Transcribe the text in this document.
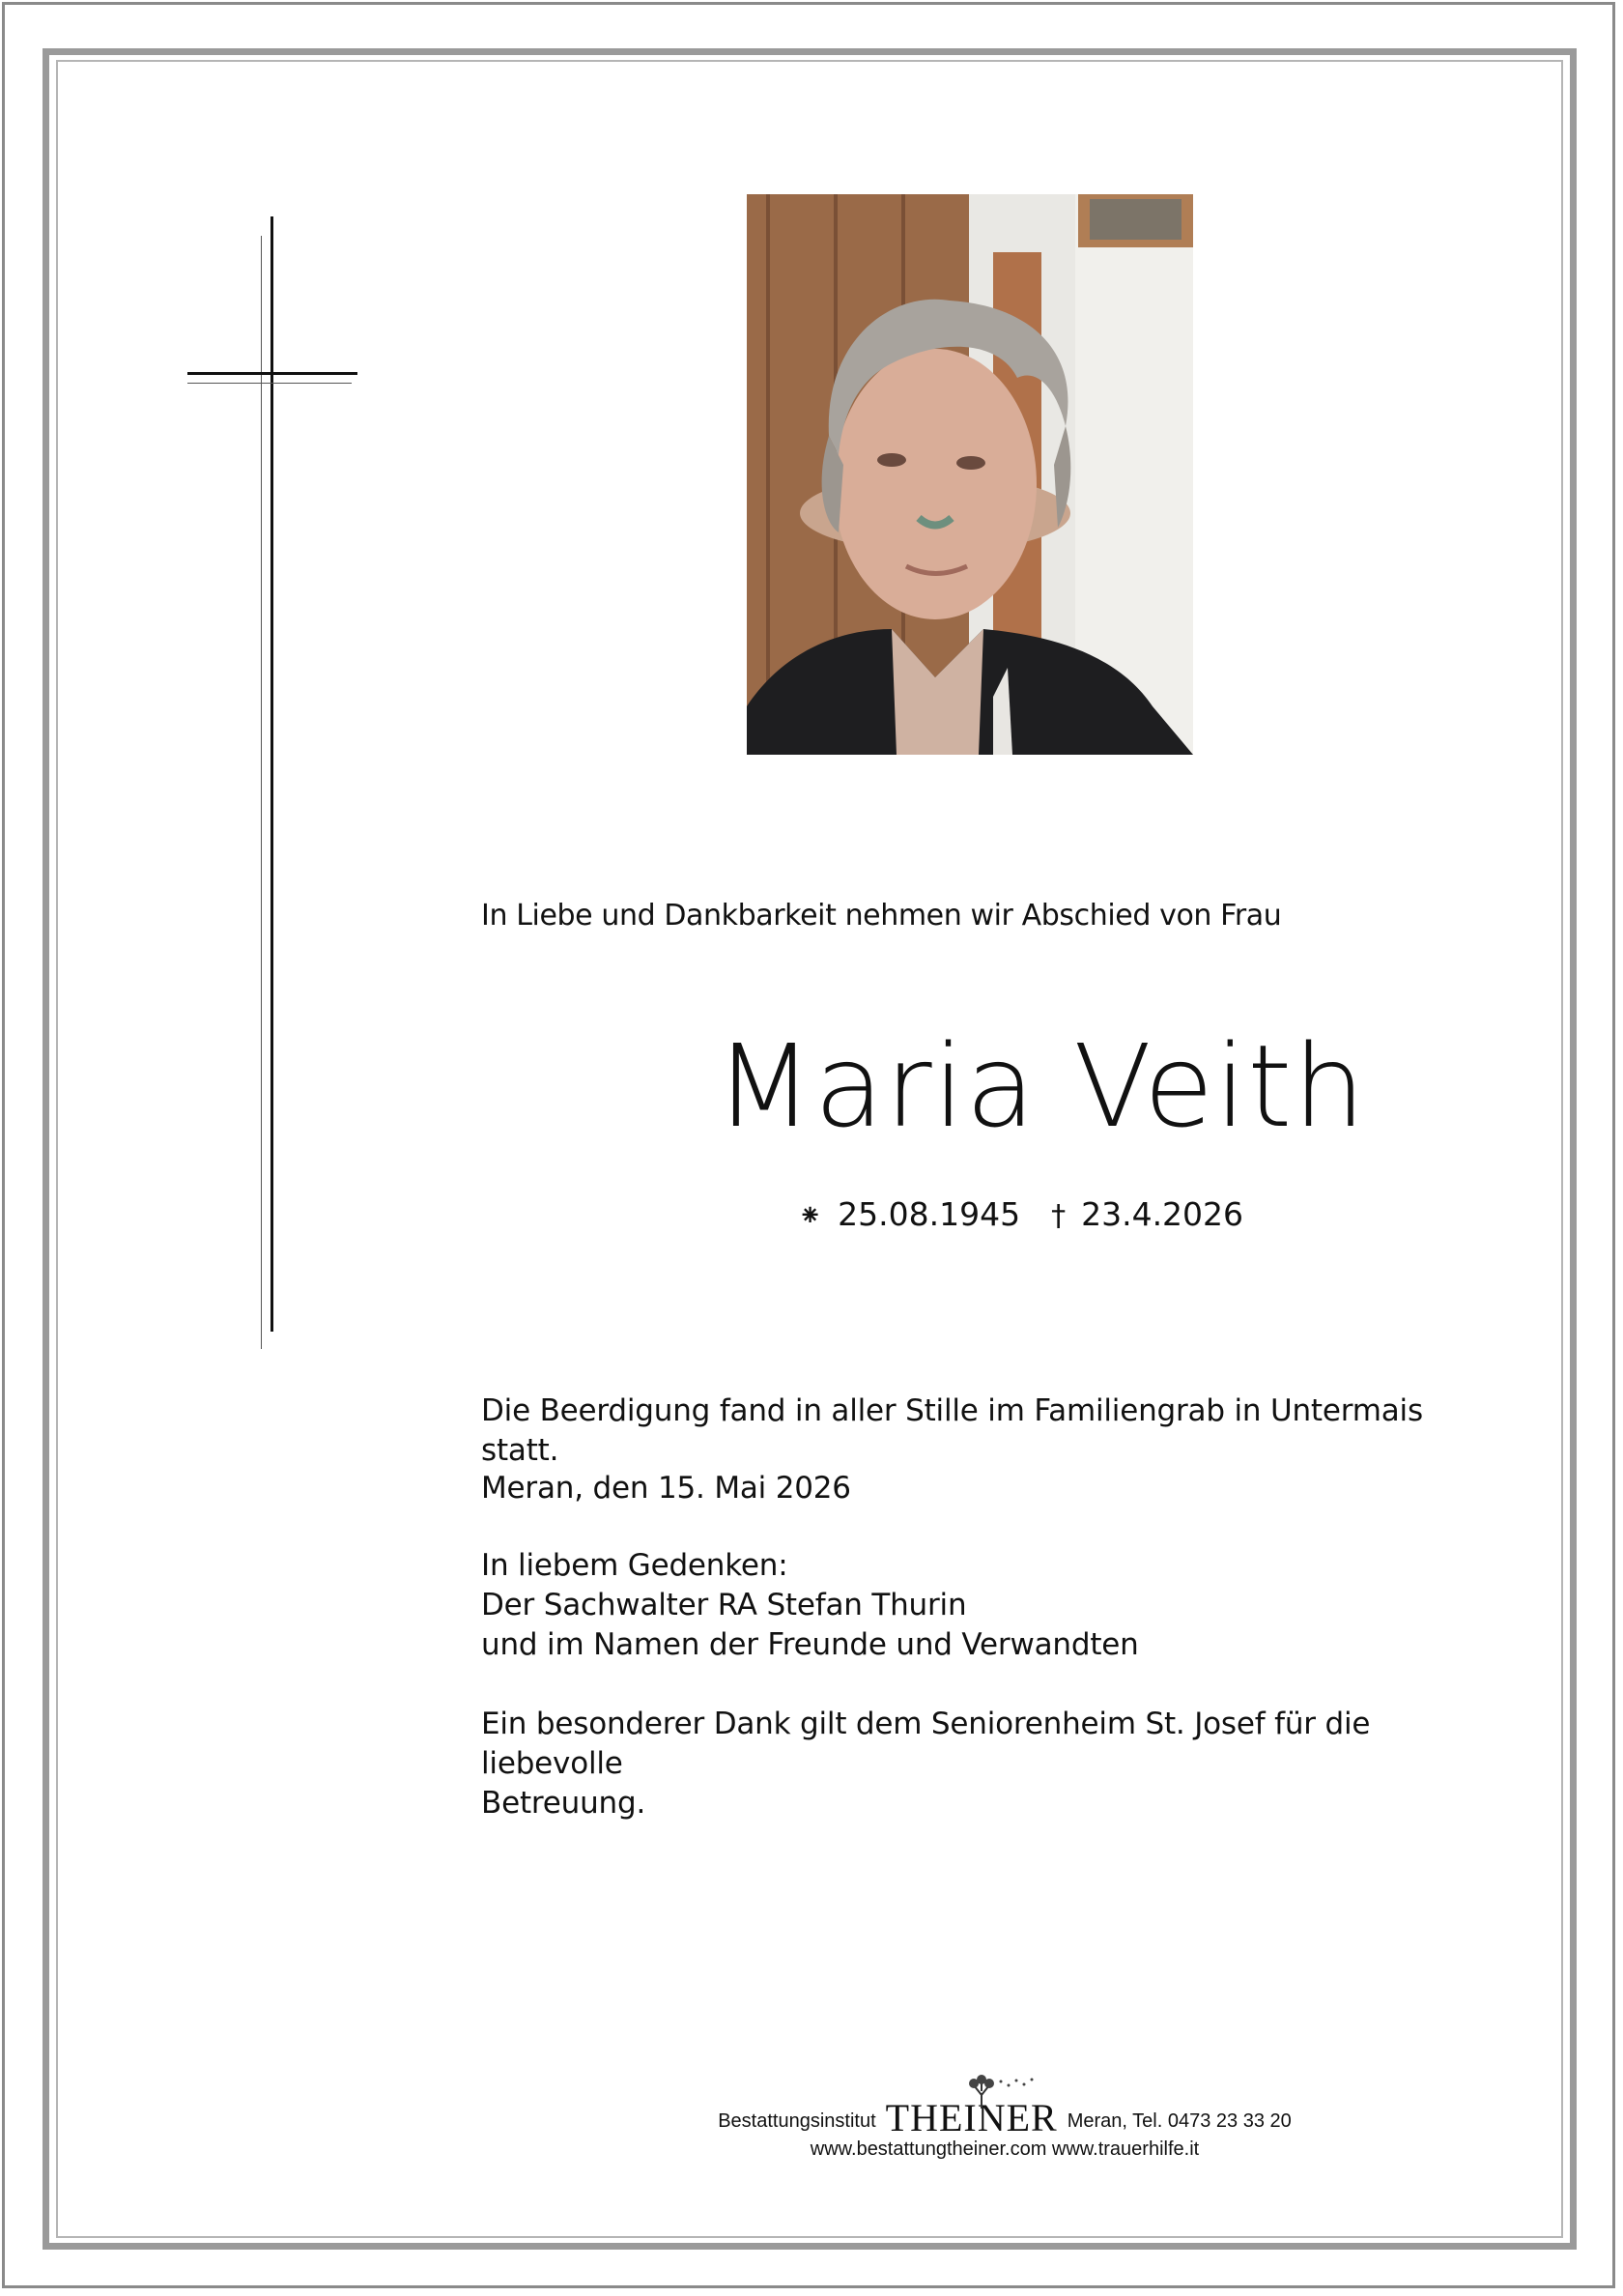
In Liebe und Dankbarkeit nehmen wir Abschied von Frau
Maria Veith
⁕ 25.08.1945 † 23.4.2026
Die Beerdigung fand in aller Stille im Familiengrab in Untermais statt.
Meran, den 15. Mai 2026
In liebem Gedenken:
Der Sachwalter RA Stefan Thurin
und im Namen der Freunde und Verwandten
Ein besonderer Dank gilt dem Seniorenheim St. Josef für die liebevolle
Betreuung.
Bestattungsinstitut THEINER Meran, Tel. 0473 23 33 20
www.bestattungtheiner.com www.trauerhilfe.it
